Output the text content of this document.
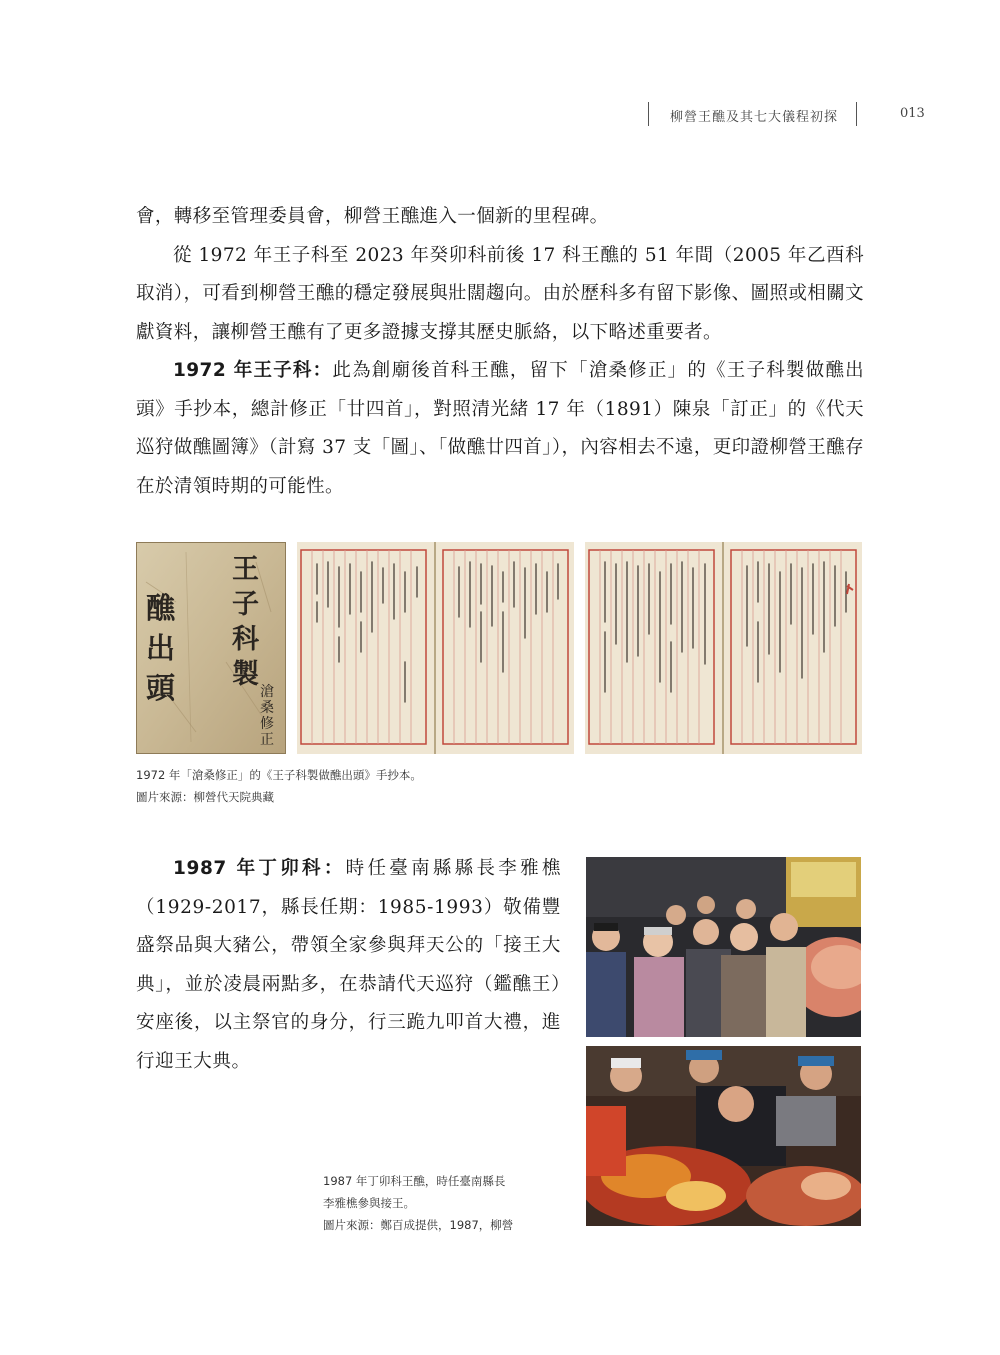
柳營王醮及其七大儀程初探	013

會，轉移至管理委員會，柳營王醮進入一個新的里程碑。

從 1972 年王子科至 2023 年癸卯科前後 17 科王醮的 51 年間（2005 年乙酉科取消），可看到柳營王醮的穩定發展與壯闊趨向。由於歷科多有留下影像、圖照或相關文獻資料，讓柳營王醮有了更多證據支撐其歷史脈絡，以下略述重要者。

1972 年王子科：此為創廟後首科王醮，留下「滄桑修正」的《王子科製做醮出頭》手抄本，總計修正「廿四首」，對照清光緒 17 年（1891）陳泉「訂正」的《代天巡狩做醮圖簿》（計寫 37 支「圖」、「做醮廿四首」），內容相去不遠，更印證柳營王醮存在於清領時期的可能性。

王子科製
滄桑修正
醮出頭

1972 年「滄桑修正」的《王子科製做醮出頭》手抄本。

圖片來源：柳營代天院典藏

1987 年丁卯科：時任臺南縣縣長李雅樵（1929-2017，縣長任期：1985-1993）敬備豐盛祭品與大豬公，帶領全家參與拜天公的「接王大典」，並於凌晨兩點多，在恭請代天巡狩（鑑醮王）安座後，以主祭官的身分，行三跪九叩首大禮，進行迎王大典。

1987 年丁卯科王醮，時任臺南縣長

李雅樵參與接王。

圖片來源：鄭百成提供，1987，柳營
